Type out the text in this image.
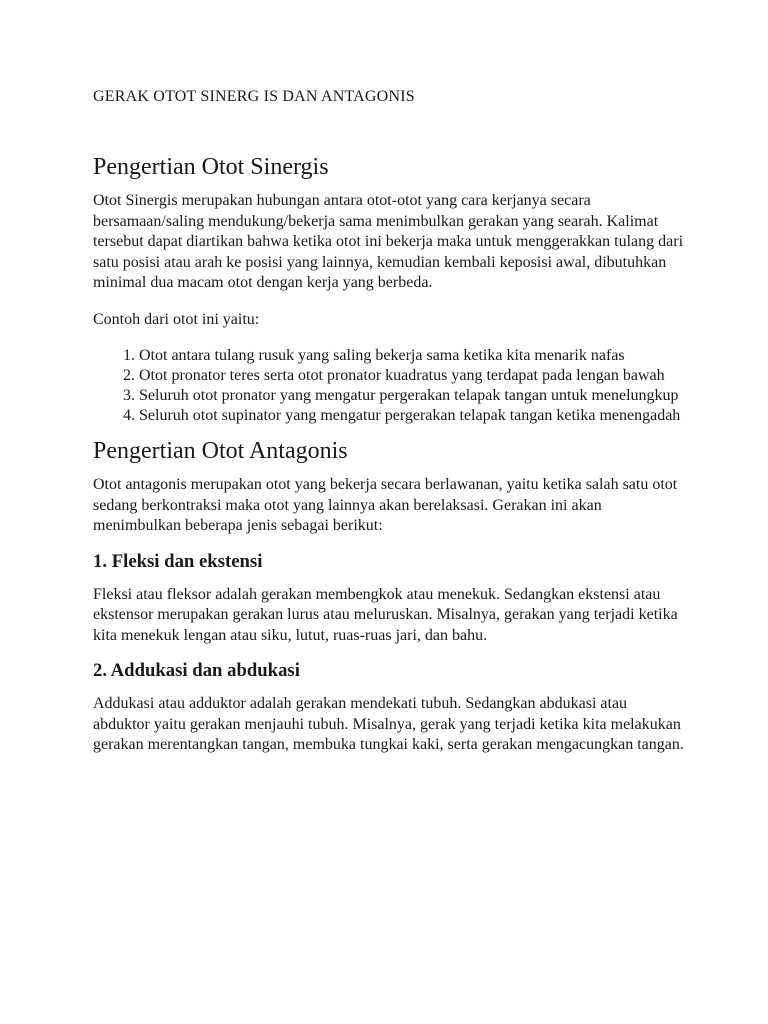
GERAK OTOT SINERG IS DAN ANTAGONIS
Pengertian Otot Sinergis

Otot Sinergis merupakan hubungan antara otot-otot yang cara kerjanya secara bersamaan/saling mendukung/bekerja sama menimbulkan gerakan yang searah. Kalimat tersebut dapat diartikan bahwa ketika otot ini bekerja maka untuk menggerakkan tulang dari satu posisi atau arah ke posisi yang lainnya, kemudian kembali keposisi awal, dibutuhkan minimal dua macam otot dengan kerja yang berbeda.

Contoh dari otot ini yaitu:

1. Otot antara tulang rusuk yang saling bekerja sama ketika kita menarik nafas
2. Otot pronator teres serta otot pronator kuadratus yang terdapat pada lengan bawah
3. Seluruh otot pronator yang mengatur pergerakan telapak tangan untuk menelungkup
4. Seluruh otot supinator yang mengatur pergerakan telapak tangan ketika menengadah
Pengertian Otot Antagonis

Otot antagonis merupakan otot yang bekerja secara berlawanan, yaitu ketika salah satu otot sedang berkontraksi maka otot yang lainnya akan berelaksasi. Gerakan ini akan menimbulkan beberapa jenis sebagai berikut:

1. Fleksi dan ekstensi

Fleksi atau fleksor adalah gerakan membengkok atau menekuk. Sedangkan ekstensi atau ekstensor merupakan gerakan lurus atau meluruskan. Misalnya, gerakan yang terjadi ketika kita menekuk lengan atau siku, lutut, ruas-ruas jari, dan bahu.

2. Addukasi dan abdukasi

Addukasi atau adduktor adalah gerakan mendekati tubuh. Sedangkan abdukasi atau abduktor yaitu gerakan menjauhi tubuh. Misalnya, gerak yang terjadi ketika kita melakukan gerakan merentangkan tangan, membuka tungkai kaki, serta gerakan mengacungkan tangan.
